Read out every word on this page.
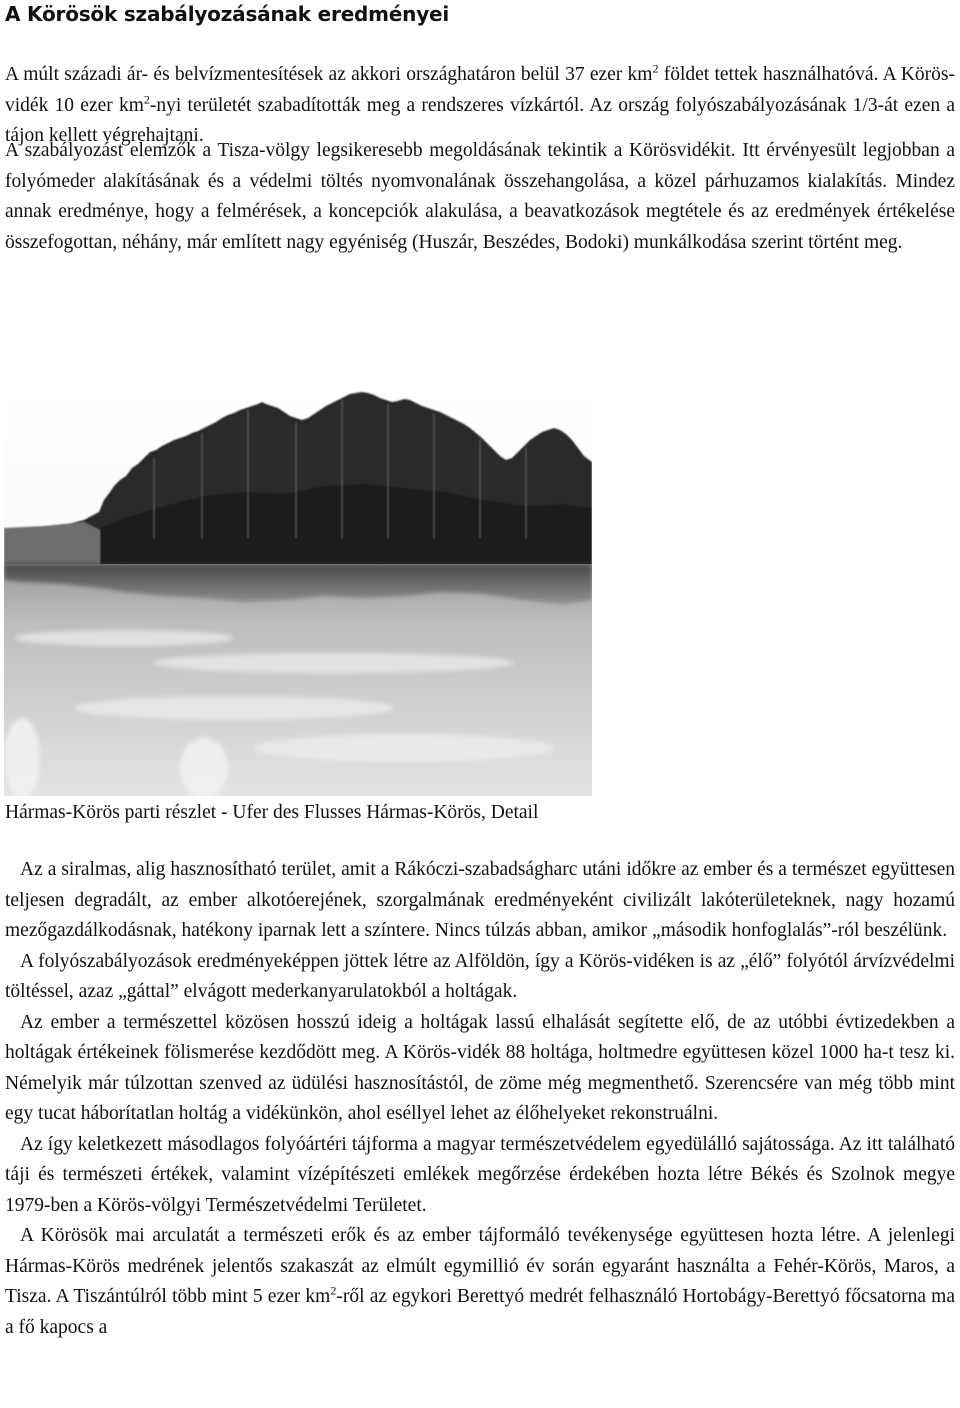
A Körösök szabályozásának eredményei

A múlt századi ár- és belvízmentesítések az akkori országhatáron belül 37 ezer $km^2$ földet tettek használhatóvá. A Körös-vidék 10 ezer $km^2$-nyi területét szabadították meg a rendszeres vízkártól. Az ország folyószabályozásának 1/3-át ezen a tájon kellett végrehajtani.

A szabályozást elemzők a Tisza-völgy legsikeresebb megoldásának tekintik a Körösvidékit. Itt érvényesült legjobban a folyómeder alakításának és a védelmi töltés nyomvonalának összehangolása, a közel párhuzamos kialakítás. Mindez annak eredménye, hogy a felmérések, a koncepciók alakulása, a beavatkozások megtétele és az eredmények értékelése összefogottan, néhány, már említett nagy egyéniség (Huszár, Beszédes, Bodoki) munkálkodása szerint történt meg.

Hármas-Körös parti részlet - Ufer des Flusses Hármas-Körös, Detail

Az a siralmas, alig hasznosítható terület, amit a Rákóczi-szabadságharc utáni időkre az ember és a természet együttesen teljesen degradált, az ember alkotóerejének, szorgalmának eredményeként civilizált lakóterületeknek, nagy hozamú mezőgazdálkodásnak, hatékony iparnak lett a színtere. Nincs túlzás abban, amikor „második honfoglalás”-ról beszélünk.

A folyószabályozások eredményeképpen jöttek létre az Alföldön, így a Körös-vidéken is az „élő” folyótól árvízvédelmi töltéssel, azaz „gáttal” elvágott mederkanyarulatokból a holtágak.

Az ember a természettel közösen hosszú ideig a holtágak lassú elhalását segítette elő, de az utóbbi évtizedekben a holtágak értékeinek fölismerése kezdődött meg. A Körös-vidék 88 holtága, holtmedre együttesen közel 1000 ha-t tesz ki. Némelyik már túlzottan szenved az üdülési hasznosítástól, de zöme még megmenthető. Szerencsére van még több mint egy tucat háborítatlan holtág a vidékünkön, ahol eséllyel lehet az élőhelyeket rekonstruálni.

Az így keletkezett másodlagos folyóártéri tájforma a magyar természetvédelem egyedülálló sajátossága. Az itt található táji és természeti értékek, valamint vízépítészeti emlékek megőrzése érdekében hozta létre Békés és Szolnok megye 1979-ben a Körös-völgyi Természetvédelmi Területet.

A Körösök mai arculatát a természeti erők és az ember tájformáló tevékenysége együttesen hozta létre. A jelenlegi Hármas-Körös medrének jelentős szakaszát az elmúlt egymillió év során egyaránt használta a Fehér-Körös, Maros, a Tisza. A Tiszántúlról több mint 5 ezer $km^2$-ről az egykori Berettyó medrét felhasználó Hortobágy-Berettyó főcsatorna ma a fő kapocs a
